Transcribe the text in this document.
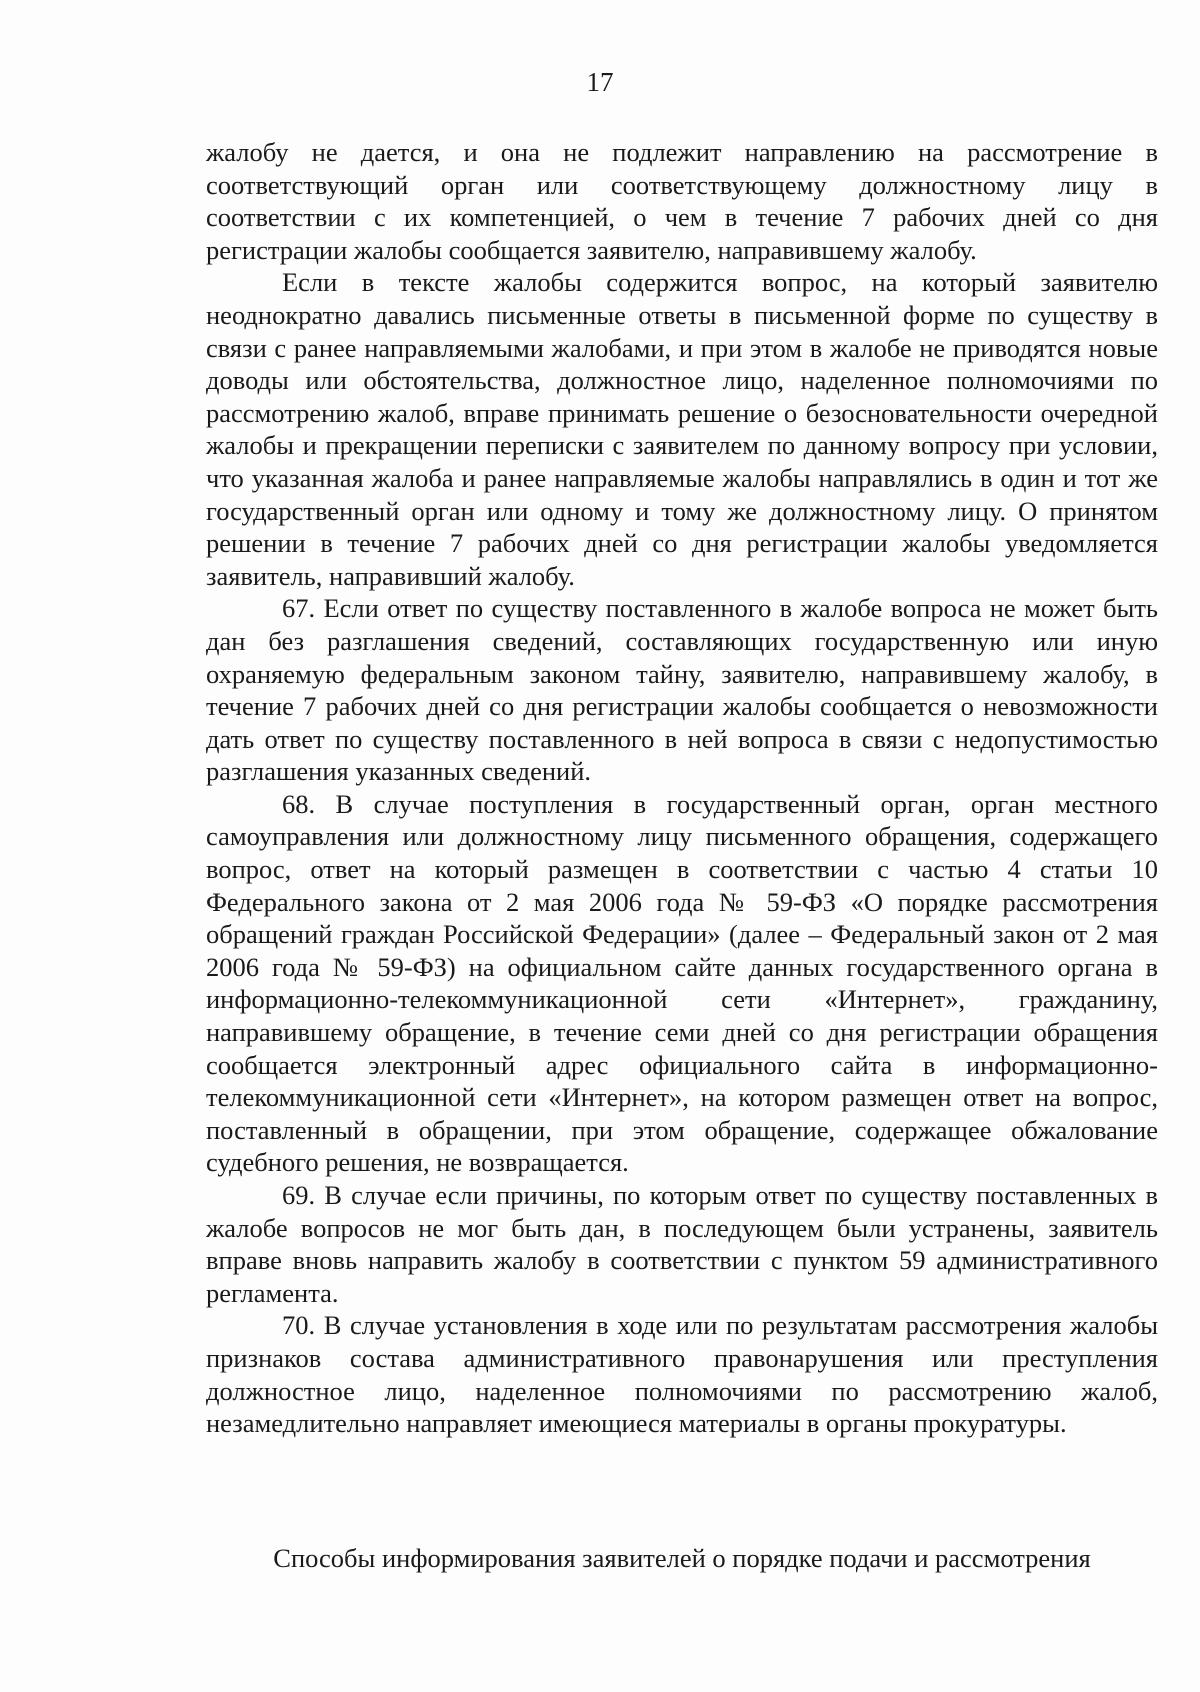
17

жалобу не дается, и она не подлежит направлению на рассмотрение в соответствующий орган или соответствующему должностному лицу в соответствии с их компетенцией, о чем в течение 7 рабочих дней со дня регистрации жалобы сообщается заявителю, направившему жалобу.

Если в тексте жалобы содержится вопрос, на который заявителю неоднократно давались письменные ответы в письменной форме по существу в связи с ранее направляемыми жалобами, и при этом в жалобе не приводятся новые доводы или обстоятельства, должностное лицо, наделенное полномочиями по рассмотрению жалоб, вправе принимать решение о безосновательности очередной жалобы и прекращении переписки с заявителем по данному вопросу при условии, что указанная жалоба и ранее направляемые жалобы направлялись в один и тот же государственный орган или одному и тому же должностному лицу. О принятом решении в течение 7 рабочих дней со дня регистрации жалобы уведомляется заявитель, направивший жалобу.

67. Если ответ по существу поставленного в жалобе вопроса не может быть дан без разглашения сведений, составляющих государственную или иную охраняемую федеральным законом тайну, заявителю, направившему жалобу, в течение 7 рабочих дней со дня регистрации жалобы сообщается о невозможности дать ответ по существу поставленного в ней вопроса в связи с недопустимостью разглашения указанных сведений.

68. В случае поступления в государственный орган, орган местного самоуправления или должностному лицу письменного обращения, содержащего вопрос, ответ на который размещен в соответствии с частью 4 статьи 10 Федерального закона от 2 мая 2006 года № 59-ФЗ «О порядке рассмотрения обращений граждан Российской Федерации» (далее – Федеральный закон от 2 мая 2006 года № 59-ФЗ) на официальном сайте данных государственного органа в информационно-телекоммуникационной сети «Интернет», гражданину, направившему обращение, в течение семи дней со дня регистрации обращения сообщается электронный адрес официального сайта в информационно-телекоммуникационной сети «Интернет», на котором размещен ответ на вопрос, поставленный в обращении, при этом обращение, содержащее обжалование судебного решения, не возвращается.

69. В случае если причины, по которым ответ по существу поставленных в жалобе вопросов не мог быть дан, в последующем были устранены, заявитель вправе вновь направить жалобу в соответствии с пунктом 59 административного регламента.

70. В случае установления в ходе или по результатам рассмотрения жалобы признаков состава административного правонарушения или преступления должностное лицо, наделенное полномочиями по рассмотрению жалоб, незамедлительно направляет имеющиеся материалы в органы прокуратуры.

Способы информирования заявителей о порядке подачи и рассмотрения
